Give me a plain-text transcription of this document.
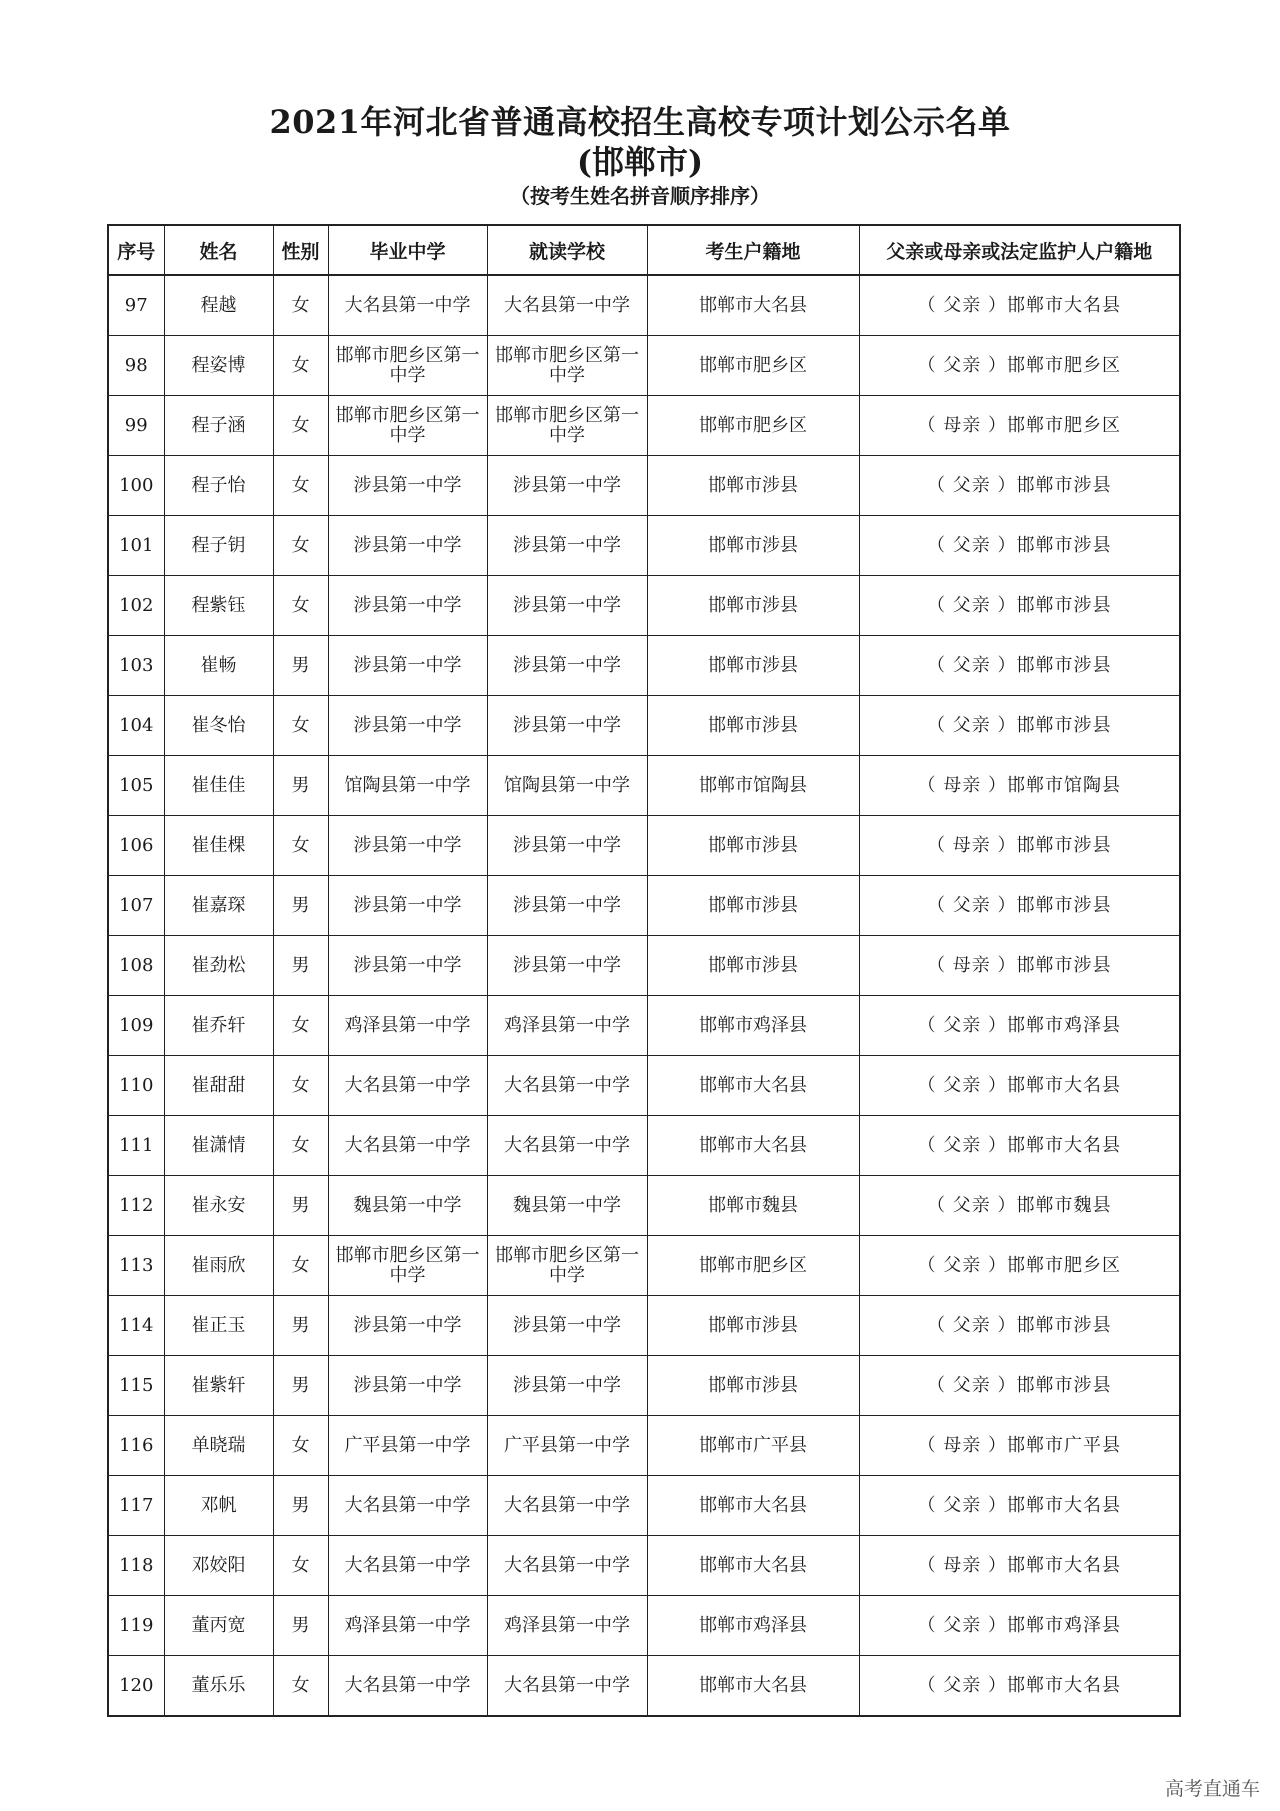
2021年河北省普通高校招生高校专项计划公示名单
(邯郸市)
（按考生姓名拼音顺序排序）
序号	姓名	性别	毕业中学	就读学校	考生户籍地	父亲或母亲或法定监护人户籍地
97	程越	女	大名县第一中学	大名县第一中学	邯郸市大名县	（ 父亲 ）邯郸市大名县
98	程姿博	女	邯郸市肥乡区第一中学	邯郸市肥乡区第一中学	邯郸市肥乡区	（ 父亲 ）邯郸市肥乡区
99	程子涵	女	邯郸市肥乡区第一中学	邯郸市肥乡区第一中学	邯郸市肥乡区	（ 母亲 ）邯郸市肥乡区
100	程子怡	女	涉县第一中学	涉县第一中学	邯郸市涉县	（ 父亲 ）邯郸市涉县
101	程子钥	女	涉县第一中学	涉县第一中学	邯郸市涉县	（ 父亲 ）邯郸市涉县
102	程紫钰	女	涉县第一中学	涉县第一中学	邯郸市涉县	（ 父亲 ）邯郸市涉县
103	崔畅	男	涉县第一中学	涉县第一中学	邯郸市涉县	（ 父亲 ）邯郸市涉县
104	崔冬怡	女	涉县第一中学	涉县第一中学	邯郸市涉县	（ 父亲 ）邯郸市涉县
105	崔佳佳	男	馆陶县第一中学	馆陶县第一中学	邯郸市馆陶县	（ 母亲 ）邯郸市馆陶县
106	崔佳棵	女	涉县第一中学	涉县第一中学	邯郸市涉县	（ 母亲 ）邯郸市涉县
107	崔嘉琛	男	涉县第一中学	涉县第一中学	邯郸市涉县	（ 父亲 ）邯郸市涉县
108	崔劲松	男	涉县第一中学	涉县第一中学	邯郸市涉县	（ 母亲 ）邯郸市涉县
109	崔乔轩	女	鸡泽县第一中学	鸡泽县第一中学	邯郸市鸡泽县	（ 父亲 ）邯郸市鸡泽县
110	崔甜甜	女	大名县第一中学	大名县第一中学	邯郸市大名县	（ 父亲 ）邯郸市大名县
111	崔潇情	女	大名县第一中学	大名县第一中学	邯郸市大名县	（ 父亲 ）邯郸市大名县
112	崔永安	男	魏县第一中学	魏县第一中学	邯郸市魏县	（ 父亲 ）邯郸市魏县
113	崔雨欣	女	邯郸市肥乡区第一中学	邯郸市肥乡区第一中学	邯郸市肥乡区	（ 父亲 ）邯郸市肥乡区
114	崔正玉	男	涉县第一中学	涉县第一中学	邯郸市涉县	（ 父亲 ）邯郸市涉县
115	崔紫轩	男	涉县第一中学	涉县第一中学	邯郸市涉县	（ 父亲 ）邯郸市涉县
116	单晓瑞	女	广平县第一中学	广平县第一中学	邯郸市广平县	（ 母亲 ）邯郸市广平县
117	邓帆	男	大名县第一中学	大名县第一中学	邯郸市大名县	（ 父亲 ）邯郸市大名县
118	邓姣阳	女	大名县第一中学	大名县第一中学	邯郸市大名县	（ 母亲 ）邯郸市大名县
119	董丙宽	男	鸡泽县第一中学	鸡泽县第一中学	邯郸市鸡泽县	（ 父亲 ）邯郸市鸡泽县
120	董乐乐	女	大名县第一中学	大名县第一中学	邯郸市大名县	（ 父亲 ）邯郸市大名县
高考直通车
